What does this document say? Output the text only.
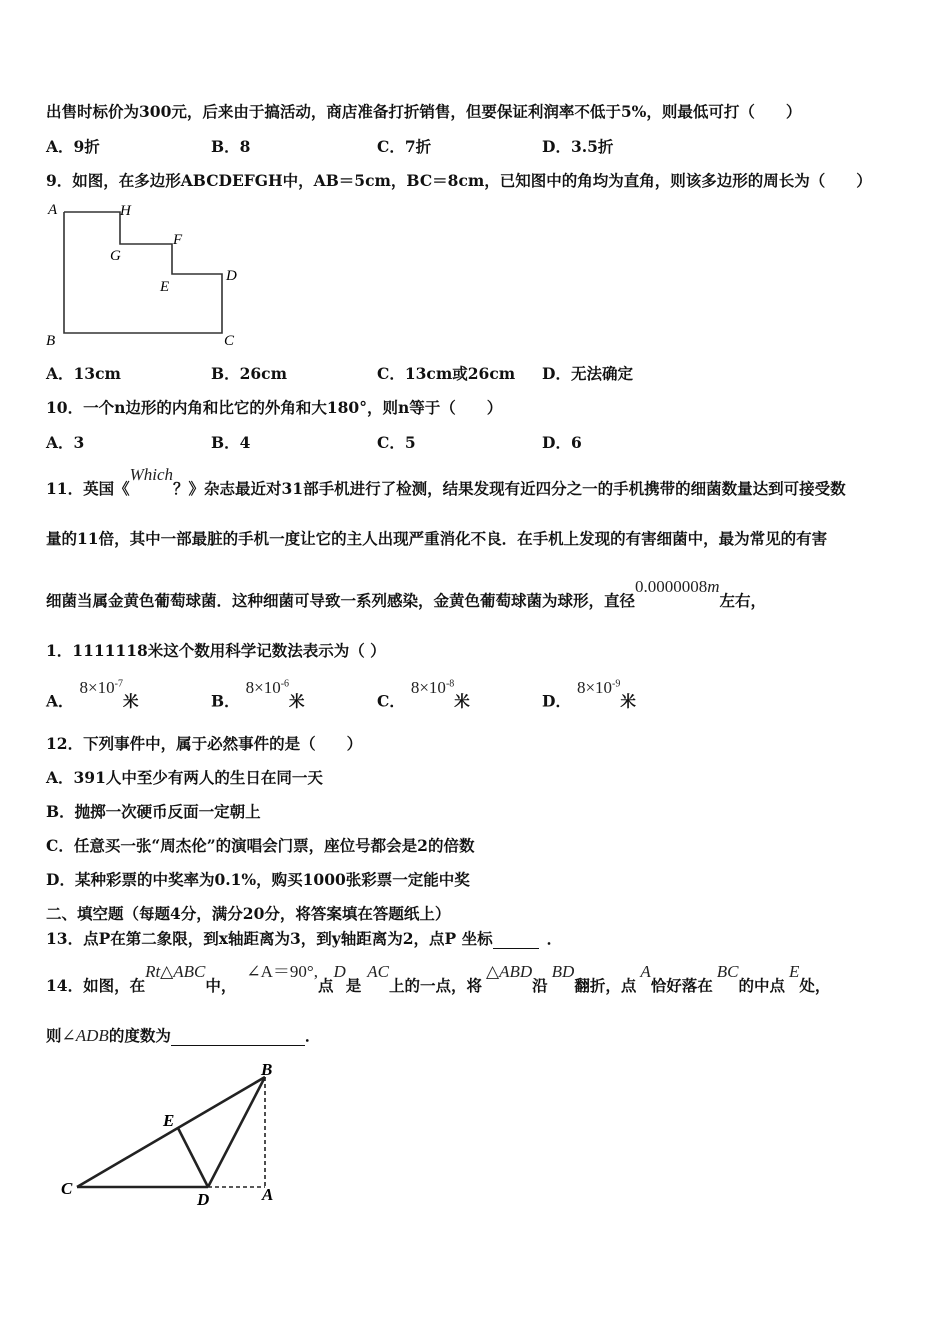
出售时标价为300元，后来由于搞活动，商店准备打折销售，但要保证利润率不低于5%，则最低可打（　　）
A．9折	B．8	C．7折	D．3.5折
9．如图，在多边形ABCDEFGH中，AB＝5cm，BC＝8cm，已知图中的角均为直角，则该多边形的周长为（　　）
A	H
G
F
E
D
B	C
A．13cm	B．26cm	C．13cm或26cm D．无法确定
10．一个n边形的内角和比它的外角和大180°，则n等于（　　）
A．3	B．4	C．5	D．6
11．英国《Which？》杂志最近对31部手机进行了检测，结果发现有近四分之一的手机携带的细菌数量达到可接受数
量的11倍，其中一部最脏的手机一度让它的主人出现严重消化不良．在手机上发现的有害细菌中，最为常见的有害
细菌当属金黄色葡萄球菌．这种细菌可导致一系列感染，金黄色葡萄球菌为球形，直径0.0000008m左右，
1．1111118米这个数用科学记数法表示为（ ）
A．$8\times 10^{-7}$米	B．$8\times 10^{-6}$米	C．$8\times 10^{-8}$米	D．$8\times 10^{-9}$米
12．下列事件中，属于必然事件的是（　　）
A．391人中至少有两人的生日在同一天
B．抛掷一次硬币反面一定朝上
C．任意买一张“周杰伦”的演唱会门票，座位号都会是2的倍数
D．某种彩票的中奖率为0.1%，购买1000张彩票一定能中奖
二、填空题（每题4分，满分20分，将答案填在答题纸上）
13．点P在第二象限，到x轴距离为3，到y轴距离为2，点P 坐标	．
14．如图，在Rt△ABC中，∠A＝90°,点D是AC上的一点，将△ABD沿BD翻折，点A恰好落在BC的中点E处，
则∠ADB的度数为	．
B
E
C
D	A
